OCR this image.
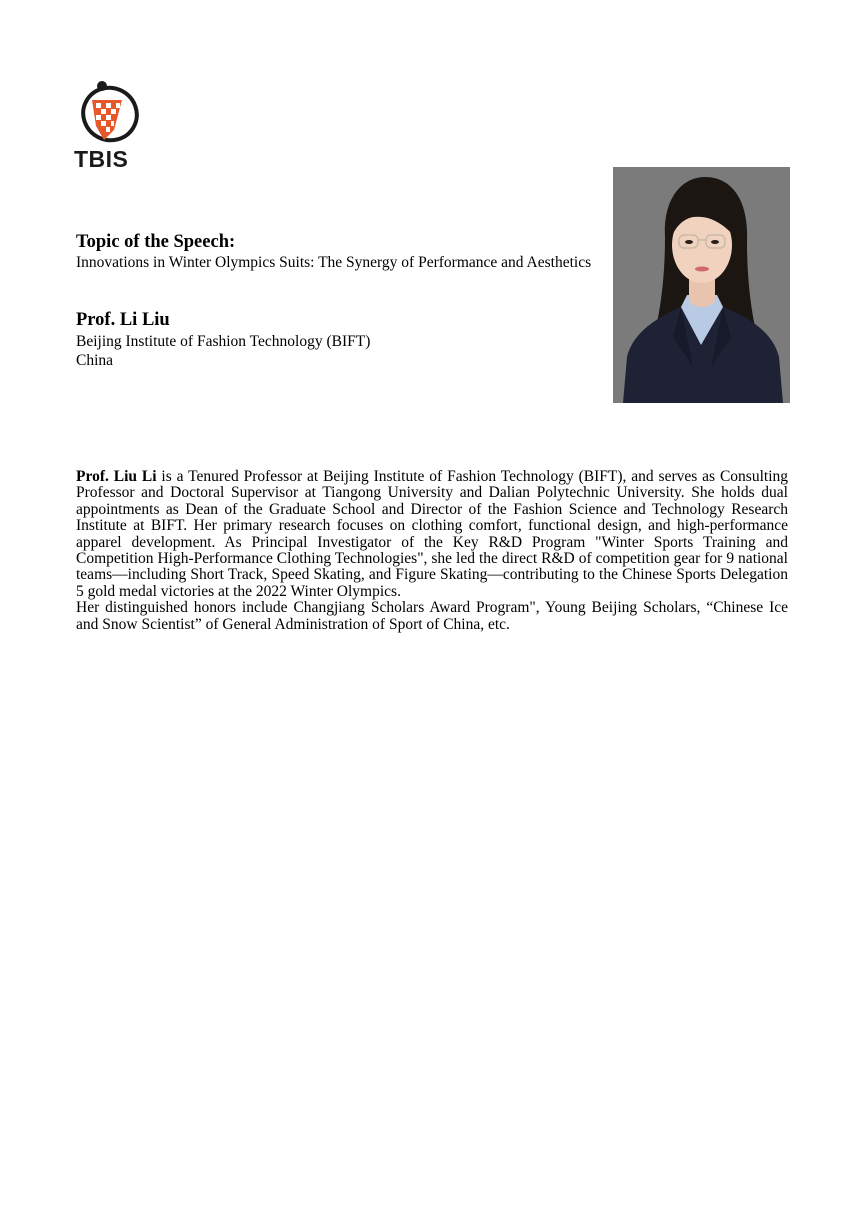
TBIS
Topic of the Speech:
Innovations in Winter Olympics Suits: The Synergy of Performance and Aesthetics
Prof. Li Liu
Beijing Institute of Fashion Technology (BIFT)
China

Prof. Liu Li is a Tenured Professor at Beijing Institute of Fashion Technology (BIFT), and serves as Consulting Professor and Doctoral Supervisor at Tiangong University and Dalian Polytechnic University. She holds dual appointments as Dean of the Graduate School and Director of the Fashion Science and Technology Research Institute at BIFT. Her primary research focuses on clothing comfort, functional design, and high-performance apparel development. As Principal Investigator of the Key R&D Program "Winter Sports Training and Competition High-Performance Clothing Technologies", she led the direct R&D of competition gear for 9 national teams—including Short Track, Speed Skating, and Figure Skating—contributing to the Chinese Sports Delegation 5 gold medal victories at the 2022 Winter Olympics.

Her distinguished honors include Changjiang Scholars Award Program", Young Beijing Scholars, “Chinese Ice and Snow Scientist” of General Administration of Sport of China, etc.
